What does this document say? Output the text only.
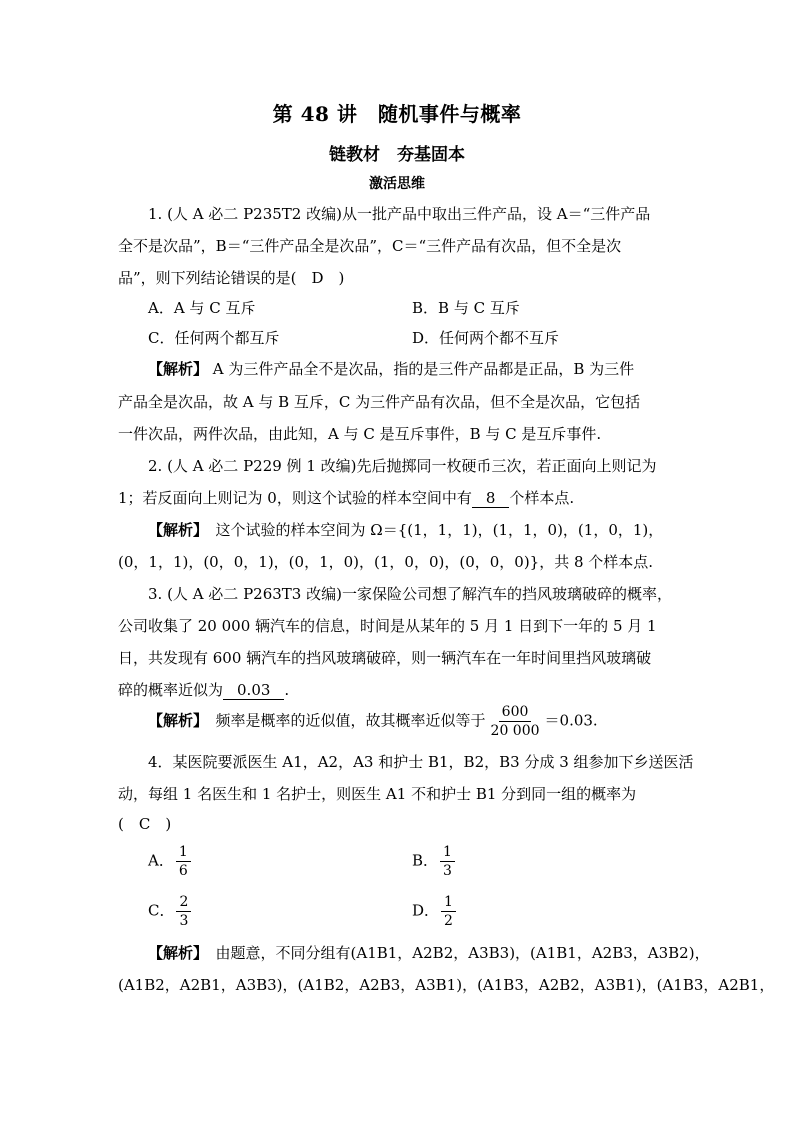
第 48 讲　随机事件与概率
链教材　夯基固本
激活思维
1. (人 A 必二 P235T2 改编)从一批产品中取出三件产品，设 A＝“三件产品
全不是次品”，B＝“三件产品全是次品”，C＝“三件产品有次品，但不全是次
品”，则下列结论错误的是(　D　)
A．A 与 C 互斥	B．B 与 C 互斥
C．任何两个都互斥	D．任何两个都不互斥
【解析】 A 为三件产品全不是次品，指的是三件产品都是正品，B 为三件
产品全是次品，故 A 与 B 互斥，C 为三件产品有次品，但不全是次品，它包括
一件次品，两件次品，由此知，A 与 C 是互斥事件，B 与 C 是互斥事件.
2. (人 A 必二 P229 例 1 改编)先后抛掷同一枚硬币三次，若正面向上则记为
1；若反面向上则记为 0，则这个试验的样本空间中有 8 个样本点.
【解析】　这个试验的样本空间为 Ω＝{(1，1，1)，(1，1，0)，(1，0，1)，
(0，1，1)，(0，0，1)，(0，1，0)，(1，0，0)，(0，0，0)}，共 8 个样本点.
3. (人 A 必二 P263T3 改编)一家保险公司想了解汽车的挡风玻璃破碎的概率，
公司收集了 20 000 辆汽车的信息，时间是从某年的 5 月 1 日到下一年的 5 月 1
日，共发现有 600 辆汽车的挡风玻璃破碎，则一辆汽车在一年时间里挡风玻璃破
碎的概率近似为 0.03 .
【解析】　频率是概率的近似值，故其概率近似等于 $\frac{600}{20 000} =0.03$.
4．某医院要派医生 A1，A2，A3 和护士 B1，B2，B3 分成 3 组参加下乡送医活
动，每组 1 名医生和 1 名护士，则医生 A1 不和护士 B1 分到同一组的概率为
(　C　)
A． $\frac{1}{6}$	B． $\frac{1}{3}$
C． $\frac{2}{3}$	D． $\frac{1}{2}$
【解析】　由题意，不同分组有(A1B1，A2B2，A3B3)，(A1B1，A2B3，A3B2)，
(A1B2，A2B1，A3B3)，(A1B2，A2B3，A3B1)，(A1B3，A2B2，A3B1)，(A1B3，A2B1，
